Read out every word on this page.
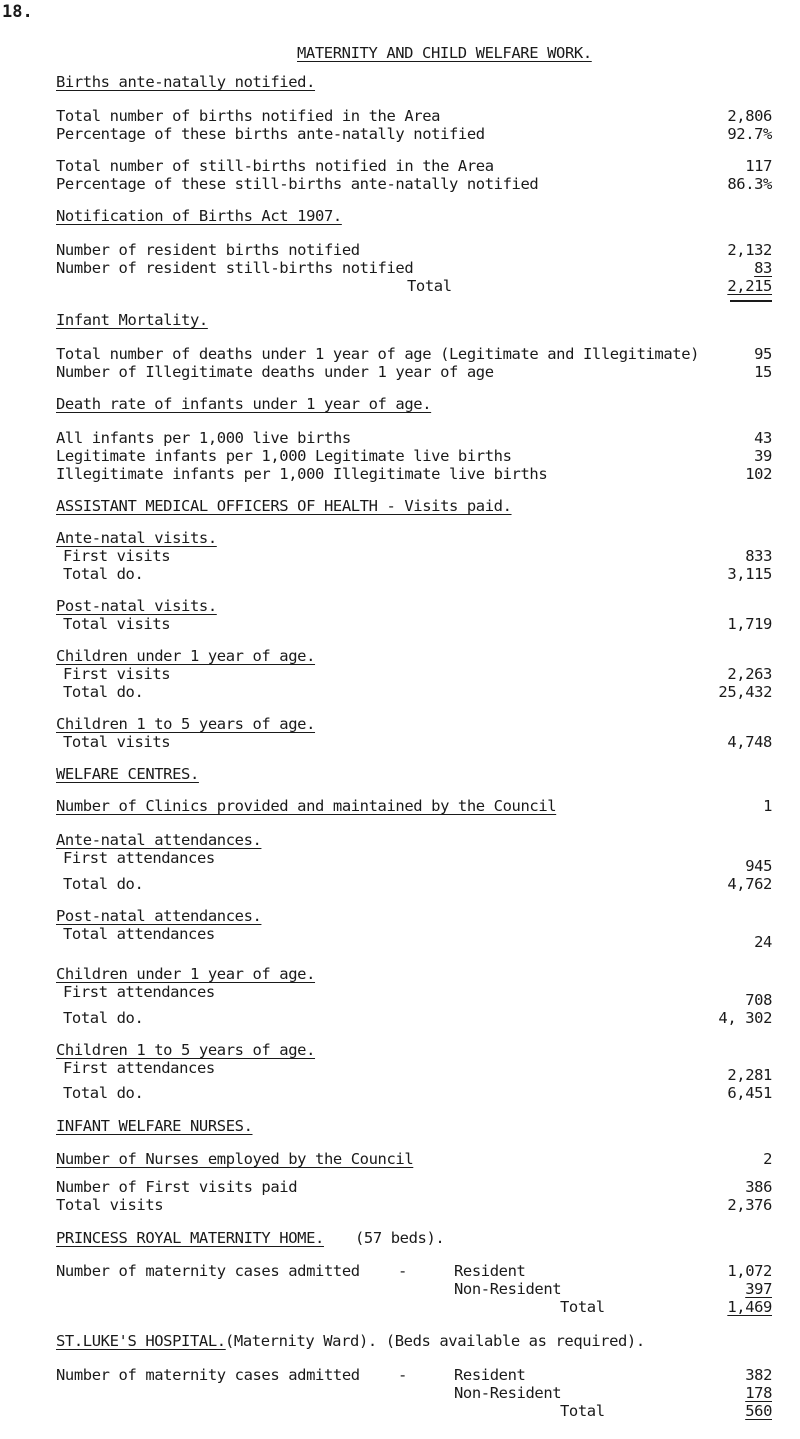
18.
MATERNITY AND CHILD WELFARE WORK.
Births ante-natally notified.
Total number of births notified in the Area	2,806
Percentage of these births ante-natally notified	92.7%
Total number of still-births notified in the Area	117
Percentage of these still-births ante-natally notified	86.3%
Notification of Births Act 1907.
Number of resident births notified	2,132
Number of resident still-births notified	83
Total	2,215
Infant Mortality.
Total number of deaths under 1 year of age (Legitimate and Illegitimate)	95
Number of Illegitimate deaths under 1 year of age	15
Death rate of infants under 1 year of age.
All infants per 1,000 live births	43
Legitimate infants per 1,000 Legitimate live births	39
Illegitimate infants per 1,000 Illegitimate live births	102
ASSISTANT MEDICAL OFFICERS OF HEALTH - Visits paid.
Ante-natal visits.
First visits	833
Total do.	3,115
Post-natal visits.
Total visits	1,719
Children under 1 year of age.
First visits	2,263
Total do.	25,432
Children 1 to 5 years of age.
Total visits	4,748
WELFARE CENTRES.
Number of Clinics provided and maintained by the Council	1
Ante-natal attendances.
First attendances	945
Total do.	4,762
Post-natal attendances.
Total attendances	24
Children under 1 year of age.
First attendances	708
Total do.	4, 302
Children 1 to 5 years of age.
First attendances	2,281
Total do.	6,451
INFANT WELFARE NURSES.
Number of Nurses employed by the Council	2
Number of First visits paid	386
Total visits	2,376
PRINCESS ROYAL MATERNITY HOME. (57 beds).
Number of maternity cases admitted -	Resident	1,072
Non-Resident	397
Total	1,469
ST.LUKE'S HOSPITAL. (Maternity Ward). (Beds available as required).
Number of maternity cases admitted -	Resident	382
Non-Resident	178
Total	560
